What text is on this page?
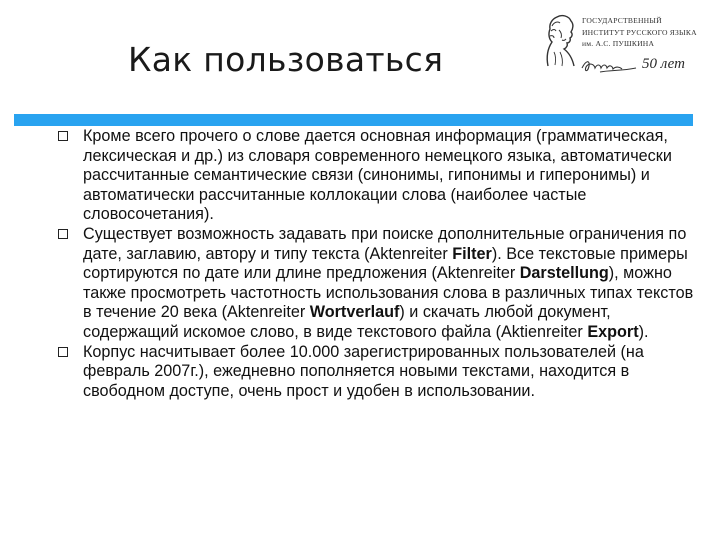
Как пользоваться
ГОСУДАРСТВЕННЫЙ
ИНСТИТУТ РУССКОГО ЯЗЫКА
им. А.С. ПУШКИНА
50 лет
Кроме всего прочего о слове дается основная информация (грамматическая, лексическая и др.) из словаря современного немецкого языка, автоматически рассчитанные семантические связи (синонимы, гипонимы и гиперонимы) и автоматически рассчитанные коллокации слова (наиболее частые словосочетания).
Существует возможность задавать при поиске дополнительные ограничения по дате, заглавию, автору и типу текста (Aktenreiter Filter). Все текстовые примеры сортируются по дате или длине предложения (Aktenreiter Darstellung), можно также просмотреть частотность использования слова в различных типах текстов в течение 20 века (Aktenreiter Wortverlauf) и скачать любой документ, содержащий искомое слово, в виде текстового файла (Aktienreiter Export).
Корпус насчитывает более 10.000 зарегистрированных пользователей (на февраль 2007г.), ежедневно пополняется новыми текстами, находится в свободном доступе, очень прост и удобен в использовании.
